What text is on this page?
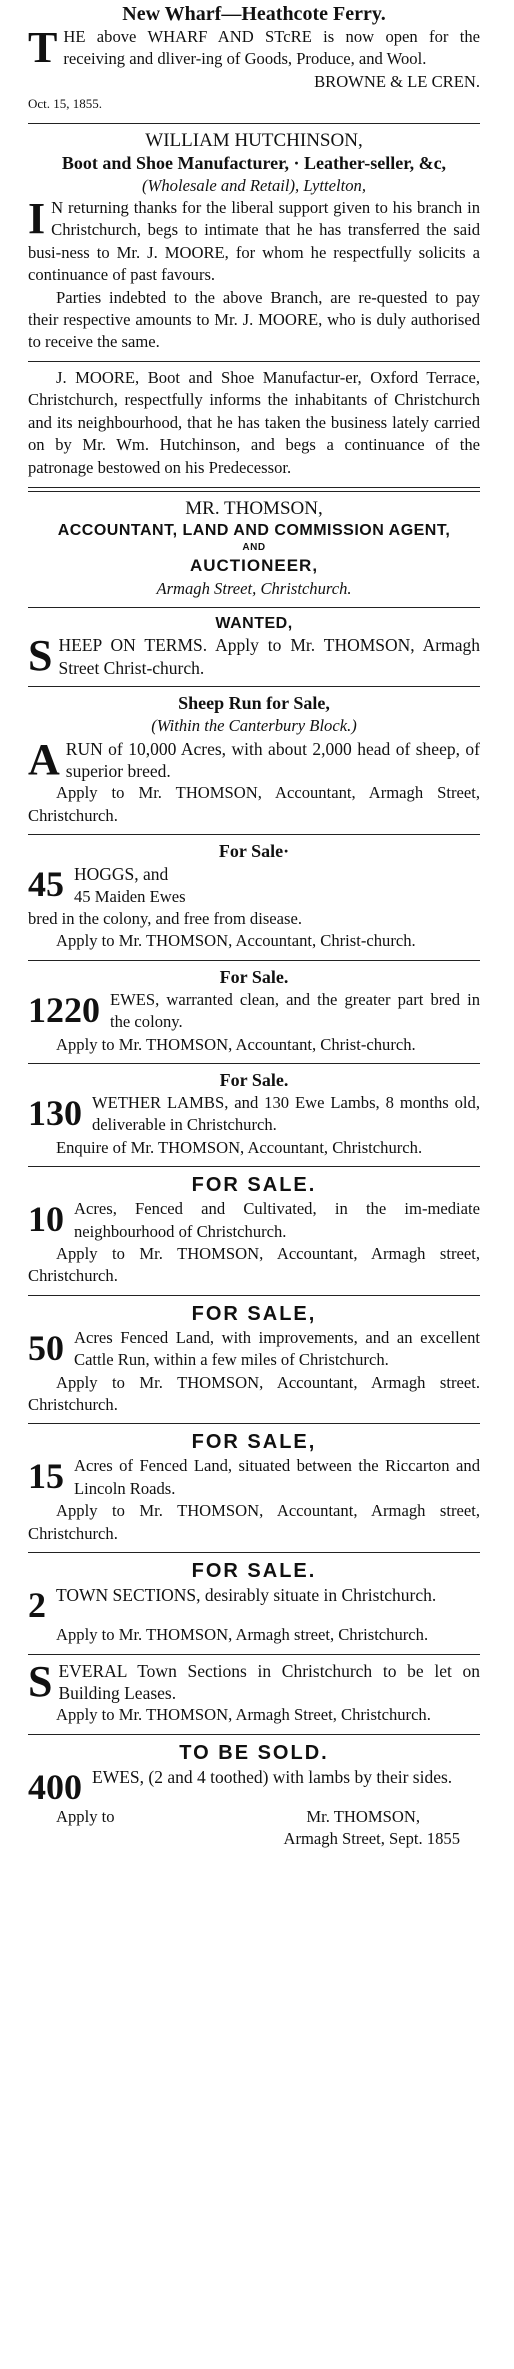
New Wharf—Heathcote Ferry.
T HE above WHARF AND STcRE is now open for the receiving and dliver-ing of Goods, Produce, and Wool.
BROWNE & LE CREN.
Oct. 15, 1855.
WILLIAM HUTCHINSON,
Boot and Shoe Manufacturer, · Leather-seller, &c,
(Wholesale and Retail), Lyttelton,
I N returning thanks for the liberal support given to his branch in Christchurch, begs to intimate that he has transferred the said busi-ness to Mr. J. MOORE, for whom he respectfully solicits a continuance of past favours.
Parties indebted to the above Branch, are re-quested to pay their respective amounts to Mr. J. MOORE, who is duly authorised to receive the same.
J. MOORE, Boot and Shoe Manufactur-er, Oxford Terrace, Christchurch, respectfully informs the inhabitants of Christchurch and its neighbourhood, that he has taken the business lately carried on by Mr. Wm. Hutchinson, and begs a continuance of the patronage bestowed on his Predecessor.
MR. THOMSON,
ACCOUNTANT, LAND AND COMMISSION AGENT,
AND
AUCTIONEER,
Armagh Street, Christchurch.
WANTED,
S HEEP ON TERMS. Apply to Mr. THOMSON, Armagh Street Christ-church.
Sheep Run for Sale,
(Within the Canterbury Block.)
A RUN of 10,000 Acres, with about 2,000 head of sheep, of superior breed.
Apply to Mr. THOMSON, Accountant, Armagh Street, Christchurch.
For Sale·
45 HOGGS, and
45 Maiden Ewes
bred in the colony, and free from disease.
Apply to Mr. THOMSON, Accountant, Christ-church.
For Sale.
1220 EWES, warranted clean, and the greater part bred in the colony.
Apply to Mr. THOMSON, Accountant, Christ-church.
For Sale.
130 WETHER LAMBS, and 130 Ewe Lambs, 8 months old, deliverable in Christchurch.
Enquire of Mr. THOMSON, Accountant, Christchurch.
FOR SALE.
10 Acres, Fenced and Cultivated, in the im-mediate neighbourhood of Christchurch.
Apply to Mr. THOMSON, Accountant, Armagh street, Christchurch.
FOR SALE,
50 Acres Fenced Land, with improvements, and an excellent Cattle Run, within a few miles of Christchurch.
Apply to Mr. THOMSON, Accountant, Armagh street. Christchurch.
FOR SALE,
15 Acres of Fenced Land, situated between the Riccarton and Lincoln Roads.
Apply to Mr. THOMSON, Accountant, Armagh street, Christchurch.
FOR SALE.
2 TOWN SECTIONS, desirably situate in Christchurch.
Apply to Mr. THOMSON, Armagh street, Christchurch.
S EVERAL Town Sections in Christchurch to be let on Building Leases.
Apply to Mr. THOMSON, Armagh Street, Christchurch.
TO BE SOLD.
400 EWES, (2 and 4 toothed) with lambs by their sides.
Apply to	Mr. THOMSON,
Armagh Street, Sept. 1855
